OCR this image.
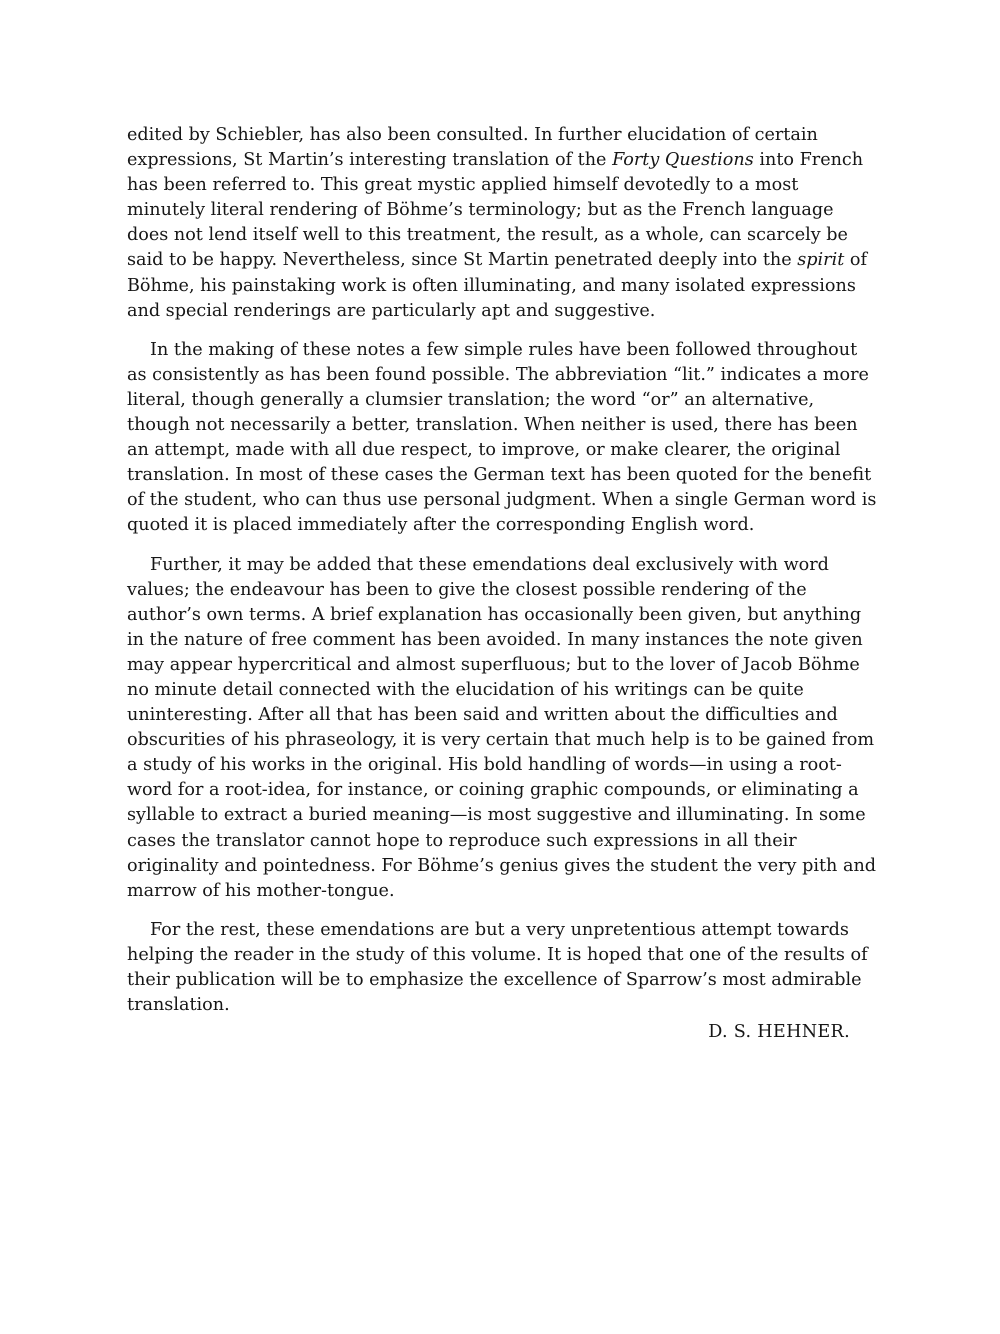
edited by Schiebler, has also been consulted. In further elucidation of certain expressions, St Martin’s interesting translation of the Forty Questions into French has been referred to. This great mystic applied himself devotedly to a most minutely literal rendering of Böhme’s terminology; but as the French language does not lend itself well to this treatment, the result, as a whole, can scarcely be said to be happy. Nevertheless, since St Martin penetrated deeply into the spirit of Böhme, his painstaking work is often illuminating, and many isolated expressions and special renderings are particularly apt and suggestive.

In the making of these notes a few simple rules have been followed throughout as consistently as has been found possible. The abbreviation “lit.” indicates a more literal, though generally a clumsier translation; the word “or” an alternative, though not necessarily a better, translation. When neither is used, there has been an attempt, made with all due respect, to improve, or make clearer, the original translation. In most of these cases the German text has been quoted for the benefit of the student, who can thus use personal judgment. When a single German word is quoted it is placed immediately after the corresponding English word.

Further, it may be added that these emendations deal exclusively with word values; the endeavour has been to give the closest possible rendering of the author’s own terms. A brief explanation has occasionally been given, but anything in the nature of free comment has been avoided. In many instances the note given may appear hypercritical and almost superfluous; but to the lover of Jacob Böhme no minute detail connected with the elucidation of his writings can be quite uninteresting. After all that has been said and written about the difficulties and obscurities of his phraseology, it is very certain that much help is to be gained from a study of his works in the original. His bold handling of words—in using a root-word for a root-idea, for instance, or coining graphic compounds, or eliminating a syllable to extract a buried meaning—is most suggestive and illuminating. In some cases the translator cannot hope to reproduce such expressions in all their originality and pointedness. For Böhme’s genius gives the student the very pith and marrow of his mother-tongue.

For the rest, these emendations are but a very unpretentious attempt towards helping the reader in the study of this volume. It is hoped that one of the results of their publication will be to emphasize the excellence of Sparrow’s most admirable translation.

D. S. HEHNER.
